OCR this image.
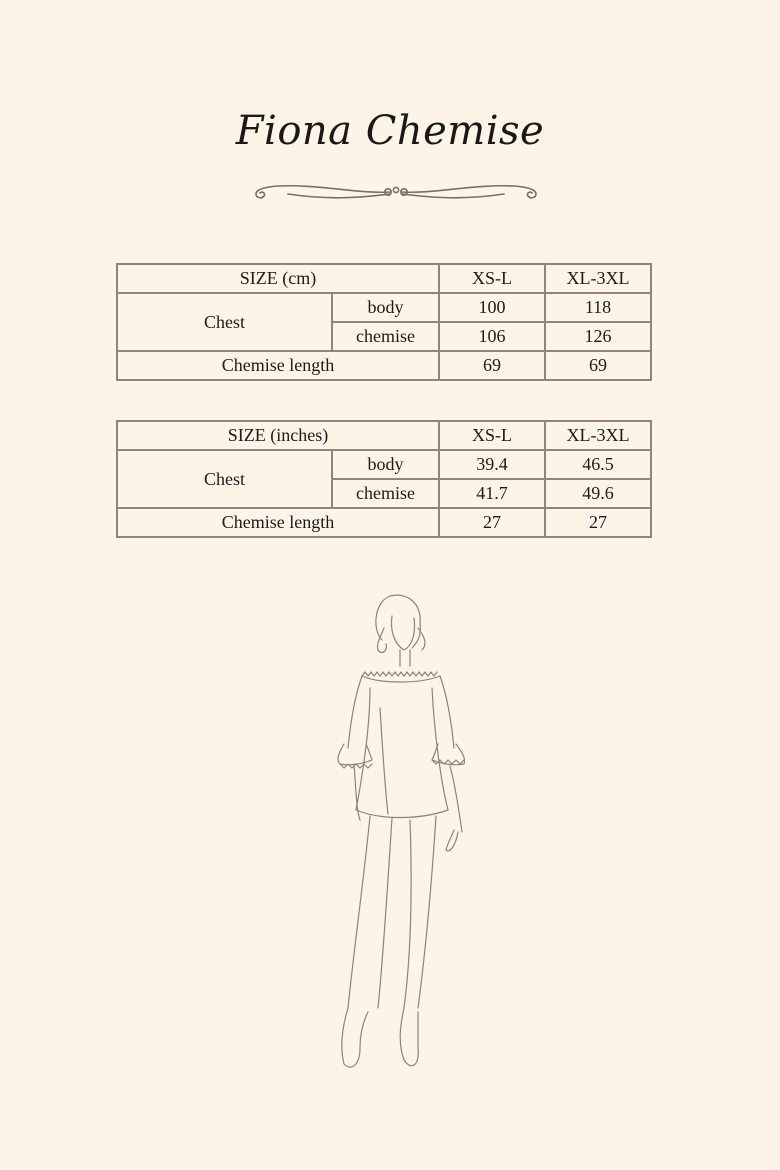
Fiona Chemise
SIZE (cm)		XS-L	XL-3XL
Chest	body	100	118
	chemise	106	126
Chemise length		69	69
SIZE (inches)		XS-L	XL-3XL
Chest	body	39.4	46.5
	chemise	41.7	49.6
Chemise length		27	27
